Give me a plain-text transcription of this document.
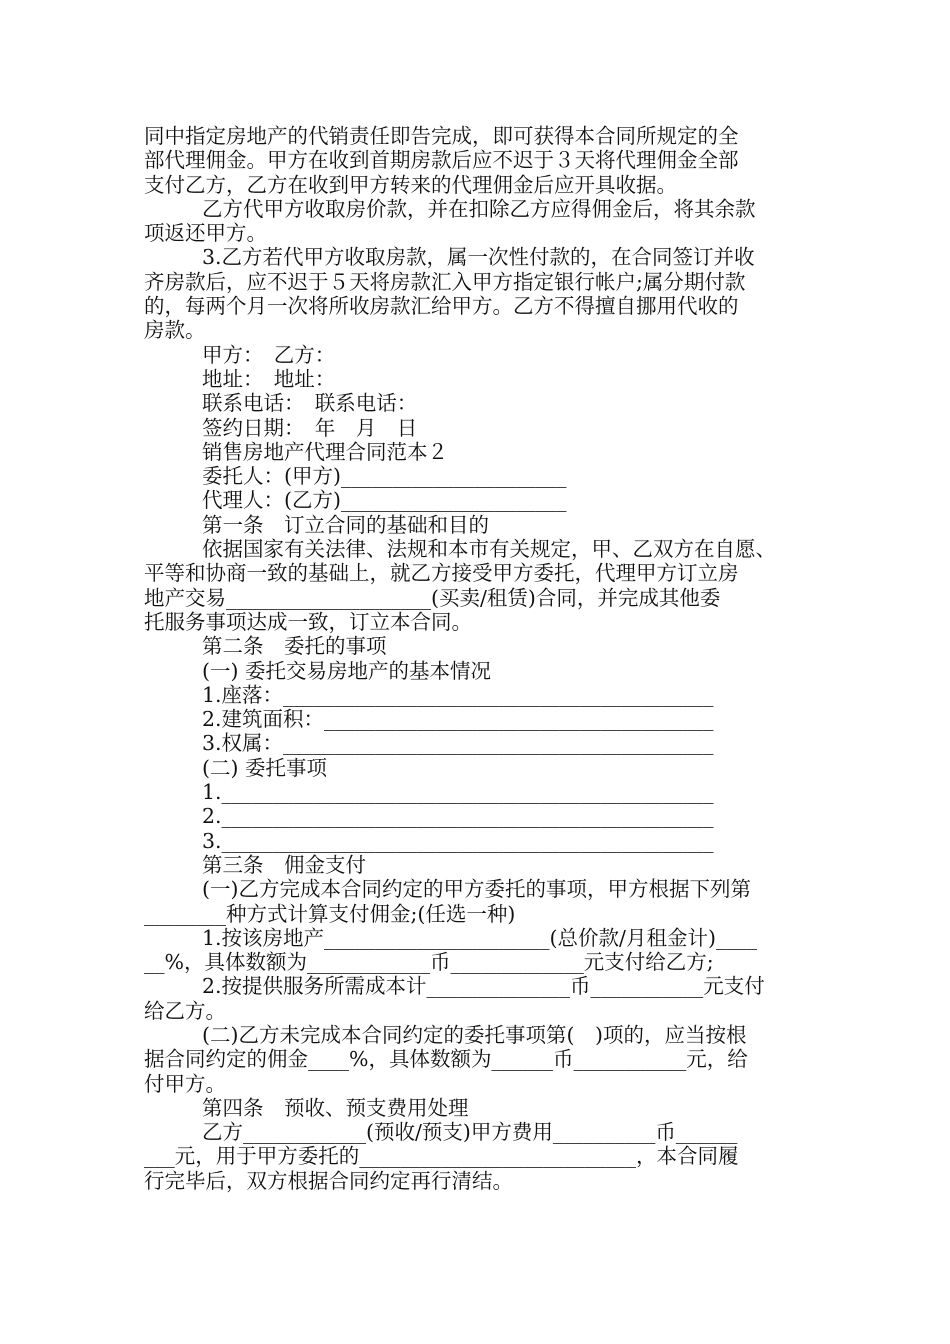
同中指定房地产的代销责任即告完成，即可获得本合同所规定的全
部代理佣金。甲方在收到首期房款后应不迟于３天将代理佣金全部
支付乙方，乙方在收到甲方转来的代理佣金后应开具收据。
乙方代甲方收取房价款，并在扣除乙方应得佣金后，将其余款
项返还甲方。
3.乙方若代甲方收取房款，属一次性付款的，在合同签订并收
齐房款后，应不迟于５天将房款汇入甲方指定银行帐户;属分期付款
的，每两个月一次将所收房款汇给甲方。乙方不得擅自挪用代收的
房款。
甲方：　乙方：
地址：　地址：
联系电话：　联系电话：
签约日期：　年　月　日
销售房地产代理合同范本２
委托人：(甲方)______________________
代理人：(乙方)______________________
第一条　订立合同的基础和目的
依据国家有关法律、法规和本市有关规定，甲、乙双方在自愿、
平等和协商一致的基础上，就乙方接受甲方委托，代理甲方订立房
地产交易____________________(买卖/租赁)合同，并完成其他委
托服务事项达成一致，订立本合同。
第二条　委托的事项
(一) 委托交易房地产的基本情况
1.座落：__________________________________________
2.建筑面积：______________________________________
3.权属：__________________________________________
(二) 委托事项
1.________________________________________________
2.________________________________________________
3.________________________________________________
第三条　佣金支付
(一)乙方完成本合同约定的甲方委托的事项，甲方根据下列第
________种方式计算支付佣金;(任选一种)
1.按该房地产______________________(总价款/月租金计)____
__%，具体数额为____________币_____________元支付给乙方;
2.按提供服务所需成本计______________币___________元支付
给乙方。
(二)乙方未完成本合同约定的委托事项第(　)项的，应当按根
据合同约定的佣金____%，具体数额为______币___________元，给
付甲方。
第四条　预收、预支费用处理
乙方____________(预收/预支)甲方费用__________币______
___元，用于甲方委托的___________________________，本合同履
行完毕后，双方根据合同约定再行清结。
